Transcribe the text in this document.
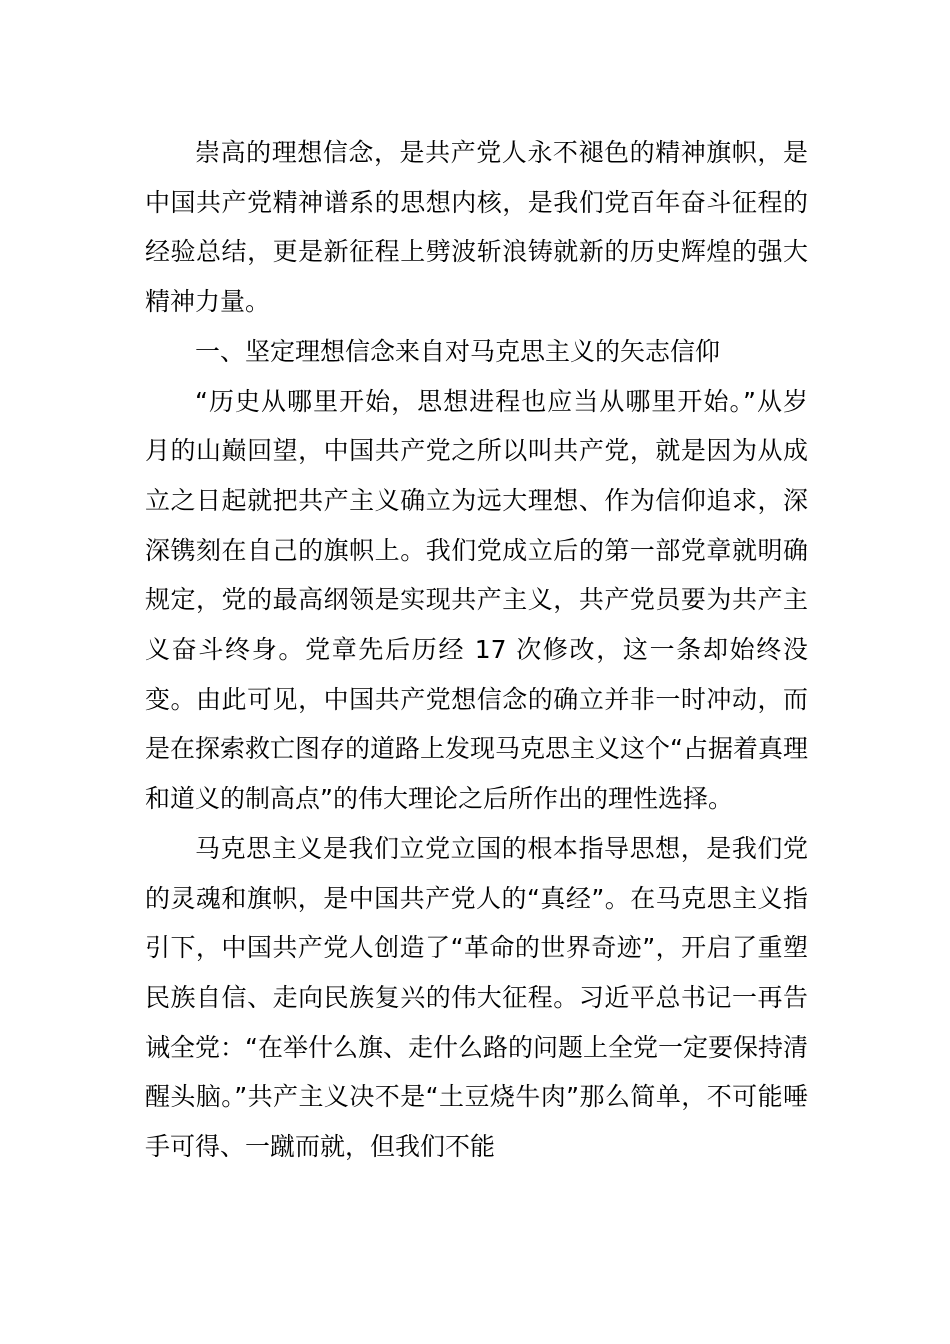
崇高的理想信念，是共产党人永不褪色的精神旗帜，是中国共产党精神谱系的思想内核，是我们党百年奋斗征程的经验总结，更是新征程上劈波斩浪铸就新的历史辉煌的强大精神力量。

一、坚定理想信念来自对马克思主义的矢志信仰

“历史从哪里开始，思想进程也应当从哪里开始。”从岁月的山巅回望，中国共产党之所以叫共产党，就是因为从成立之日起就把共产主义确立为远大理想、作为信仰追求，深深镌刻在自己的旗帜上。我们党成立后的第一部党章就明确规定，党的最高纲领是实现共产主义，共产党员要为共产主义奋斗终身。党章先后历经 17 次修改，这一条却始终没变。由此可见，中国共产党想信念的确立并非一时冲动，而是在探索救亡图存的道路上发现马克思主义这个“占据着真理和道义的制高点”的伟大理论之后所作出的理性选择。

马克思主义是我们立党立国的根本指导思想，是我们党的灵魂和旗帜，是中国共产党人的“真经”。在马克思主义指引下，中国共产党人创造了“革命的世界奇迹”，开启了重塑民族自信、走向民族复兴的伟大征程。习近平总书记一再告诫全党：“在举什么旗、走什么路的问题上全党一定要保持清醒头脑。”共产主义决不是“土豆烧牛肉”那么简单，不可能唾手可得、一蹴而就，但我们不能
